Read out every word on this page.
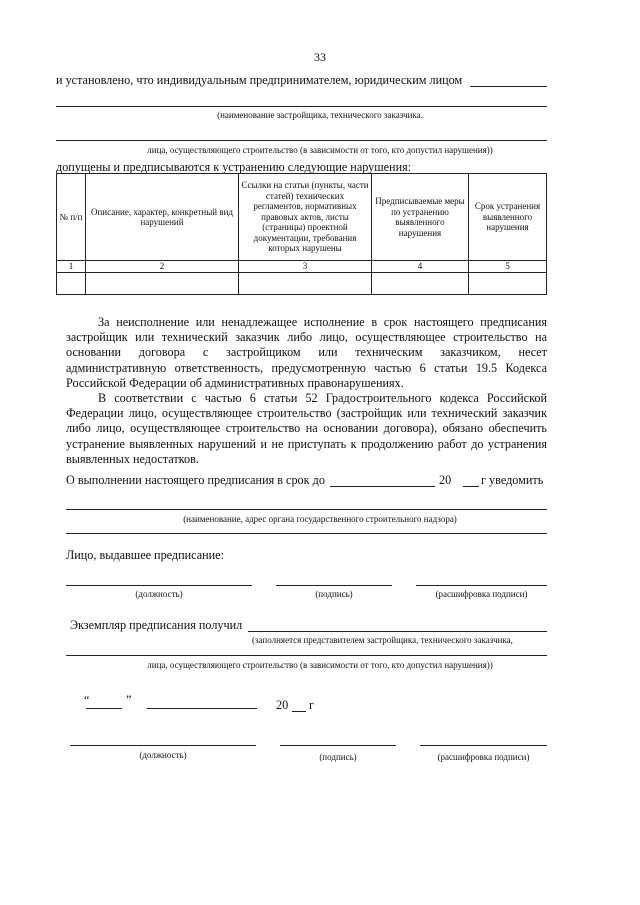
33
и установлено, что индивидуальным предпринимателем, юридическим лицом
(наименование застройщика, технического заказчика.
лица, осуществляющего строительство (в зависимости от того, кто допустил нарушения))
допущены и предписываются к устранению следующие нарушения:
№ п/п	Описание, характер, конкретный вид нарушений	Ссылки на статьи (пункты, части статей) технических регламентов, нормативных правовых актов, листы (страницы) проектной документации, требования которых нарушены	Предписываемые меры по устранению выявленного нарушения	Срок устранения выявленного нарушения
1	2	3	4	5

За неисполнение или ненадлежащее исполнение в срок настоящего предписания застройщик или технический заказчик либо лицо, осуществляющее строительство на основании договора с застройщиком или техническим заказчиком, несет административную ответственность, предусмотренную частью 6 статьи 19.5 Кодекса Российской Федерации об административных правонарушениях.

В соответствии с частью 6 статьи 52 Градостроительного кодекса Российской Федерации лицо, осуществляющее строительство (застройщик или технический заказчик либо лицо, осуществляющее строительство на основании договора), обязано обеспечить устранение выявленных нарушений и не приступать к продолжению работ до устранения выявленных недостатков.

О выполнении настоящего предписания в срок до	20 г уведомить
(наименование, адрес органа государственного строительного надзора)
Лицо, выдавшее предписание:
(должность)	(подпись)	(расшифровка подписи)
Экземпляр предписания получил
(заполняется представителем застройщика, технического заказчика,
лица, осуществляющего строительство (в зависимости от того, кто допустил нарушения))
“	”	20 г
(должность)	(подпись)	(расшифровка подписи)
